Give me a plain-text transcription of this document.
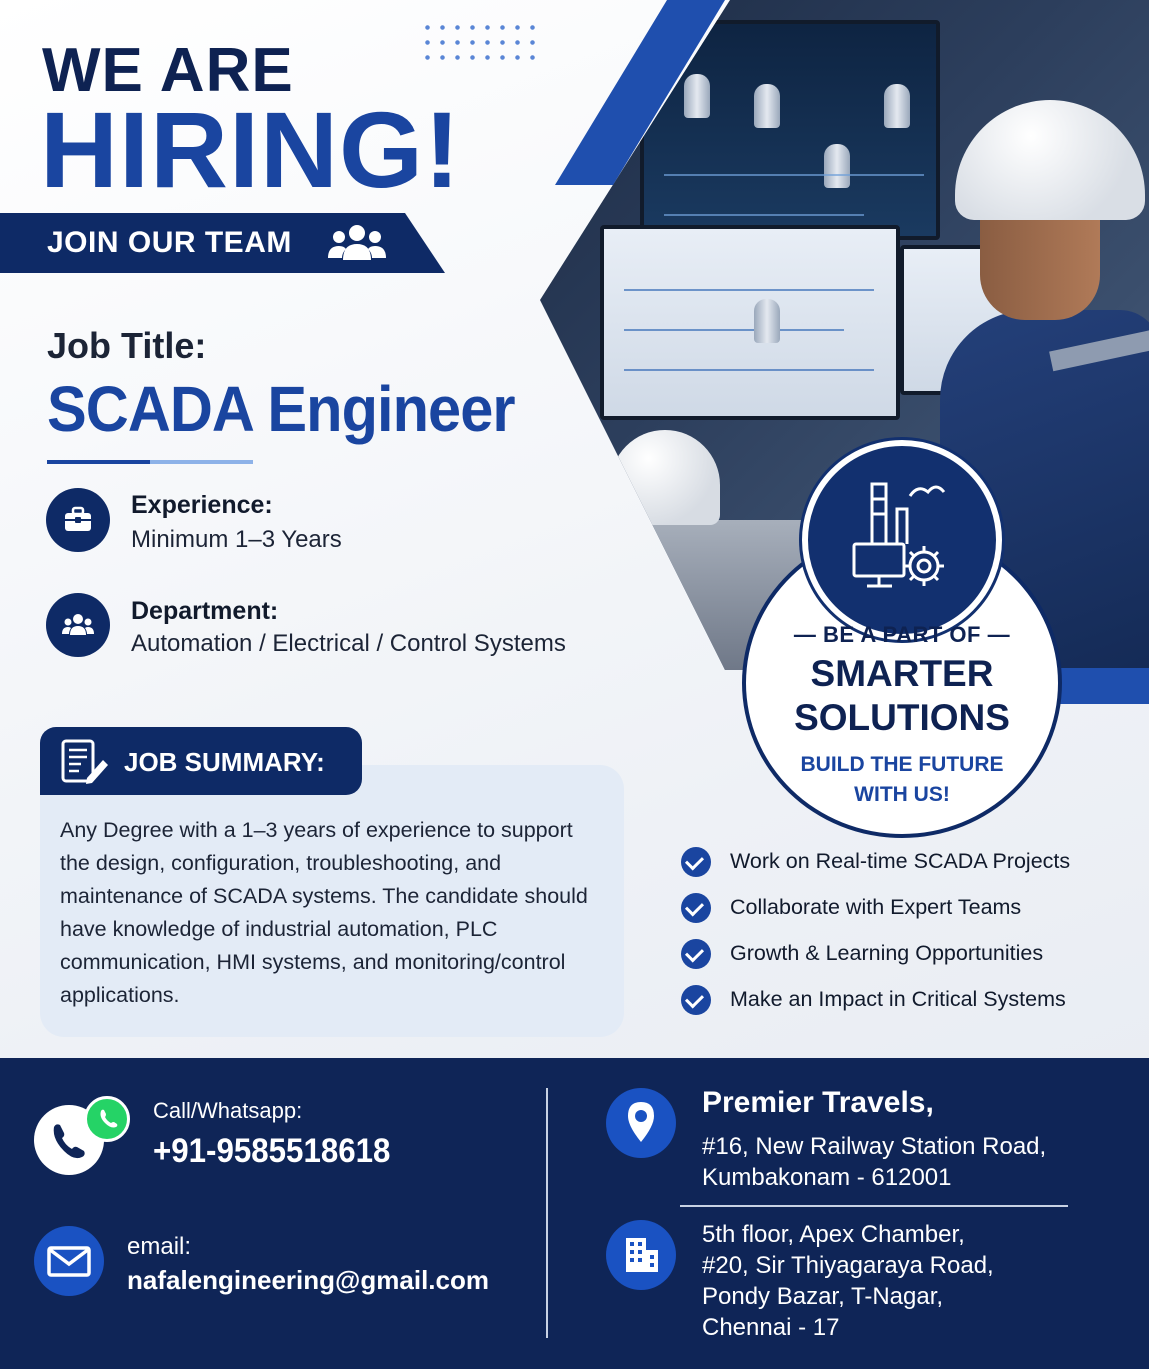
WE ARE
HIRING!
JOIN OUR TEAM
Job Title:
SCADA Engineer
Experience:
Minimum 1–3 Years
Department:
Automation / Electrical / Control Systems
JOB SUMMARY:
Any Degree with a 1–3 years of experience to support the design, configuration, troubleshooting, and maintenance of SCADA systems. The candidate should have knowledge of industrial automation, PLC communication, HMI systems, and monitoring/control applications.
— BE A PART OF —
SMARTER
SOLUTIONS
BUILD THE FUTURE
WITH US!
Work on Real-time SCADA Projects
Collaborate with Expert Teams
Growth & Learning Opportunities
Make an Impact in Critical Systems
Call/Whatsapp:
+91-9585518618
email:
nafalengineering@gmail.com
Premier Travels,
#16, New Railway Station Road,
Kumbakonam - 612001
5th floor, Apex Chamber,
#20, Sir Thiyagaraya Road,
Pondy Bazar, T-Nagar,
Chennai - 17
